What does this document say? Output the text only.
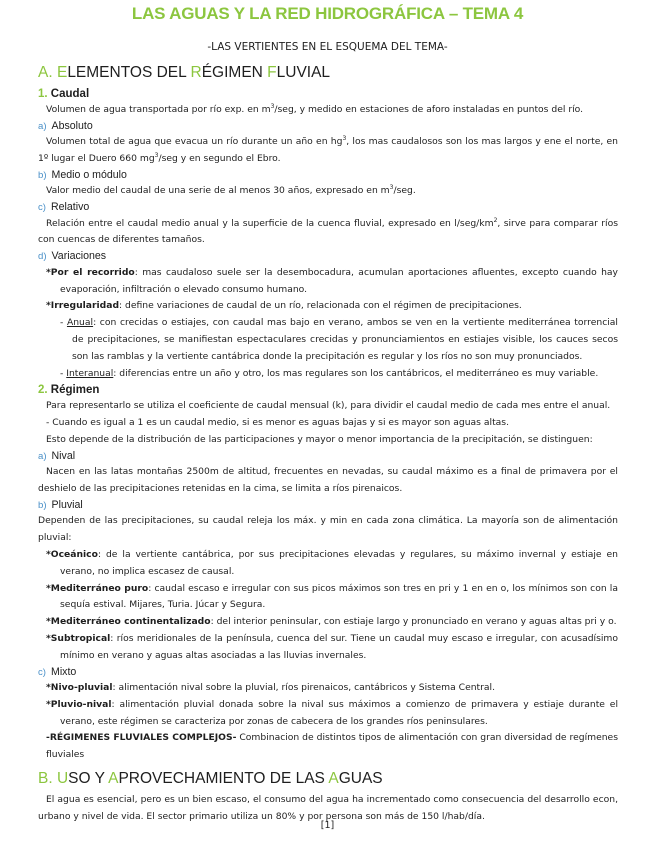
LAS AGUAS Y LA RED HIDROGRÁFICA – TEMA 4
-LAS VERTIENTES EN EL ESQUEMA DEL TEMA-
A. ELEMENTOS DEL RÉGIMEN FLUVIAL
1. Caudal

Volumen de agua transportada por río exp. en $m^3$/seg, y medido en estaciones de aforo instaladas en puntos del río.

a) Absoluto

Volumen total de agua que evacua un río durante un año en $hg^3$, los mas caudalosos son los mas largos y ene el norte, en 1º lugar el Duero 660 $mg^3$/seg y en segundo el Ebro.

b) Medio o módulo

Valor medio del caudal de una serie de al menos 30 años, expresado en $m^3$/seg.

c) Relativo

Relación entre el caudal medio anual y la superficie de la cuenca fluvial, expresado en $l/seg/km^2$, sirve para comparar ríos con cuencas de diferentes tamaños.

d) Variaciones

*Por el recorrido: mas caudaloso suele ser la desembocadura, acumulan aportaciones afluentes, excepto cuando hay evaporación, infiltración o elevado consumo humano.

*Irregularidad: define variaciones de caudal de un río, relacionada con el régimen de precipitaciones.

- Anual: con crecidas o estiajes, con caudal mas bajo en verano, ambos se ven en la vertiente mediterránea torrencial de precipitaciones, se manifiestan espectaculares crecidas y pronunciamientos en estiajes visible, los cauces secos son las ramblas y la vertiente cantábrica donde la precipitación es regular y los ríos no son muy pronunciados.

- Interanual: diferencias entre un año y otro, los mas regulares son los cantábricos, el mediterráneo es muy variable.

2. Régimen

Para representarlo se utiliza el coeficiente de caudal mensual (k), para dividir el caudal medio de cada mes entre el anual.

- Cuando es igual a 1 es un caudal medio, si es menor es aguas bajas y si es mayor son aguas altas.

Esto depende de la distribución de las participaciones y mayor o menor importancia de la precipitación, se distinguen:

a) Nival

Nacen en las latas montañas 2500m de altitud, frecuentes en nevadas, su caudal máximo es a final de primavera por el deshielo de las precipitaciones retenidas en la cima, se limita a ríos pirenaicos.

b) Pluvial

Dependen de las precipitaciones, su caudal releja los máx. y min en cada zona climática. La mayoría son de alimentación pluvial:

*Oceánico: de la vertiente cantábrica, por sus precipitaciones elevadas y regulares, su máximo invernal y estiaje en verano, no implica escasez de causal.

*Mediterráneo puro: caudal escaso e irregular con sus picos máximos son tres en pri y 1 en en o, los mínimos son con la sequía estival. Mijares, Turia. Júcar y Segura.

*Mediterráneo continentalizado: del interior peninsular, con estiaje largo y pronunciado en verano y aguas altas pri y o.

*Subtropical: ríos meridionales de la península, cuenca del sur. Tiene un caudal muy escaso e irregular, con acusadísimo mínimo en verano y aguas altas asociadas a las lluvias invernales.

c) Mixto

*Nivo-pluvial: alimentación nival sobre la pluvial, ríos pirenaicos, cantábricos y Sistema Central.

*Pluvio-nival: alimentación pluvial donada sobre la nival sus máximos a comienzo de primavera y estiaje durante el verano, este régimen se caracteriza por zonas de cabecera de los grandes ríos peninsulares.

-RÉGIMENES FLUVIALES COMPLEJOS- Combinacion de distintos tipos de alimentación con gran diversidad de regímenes fluviales

B. USO Y APROVECHAMIENTO DE LAS AGUAS

El agua es esencial, pero es un bien escaso, el consumo del agua ha incrementado como consecuencia del desarrollo econ, urbano y nivel de vida. El sector primario utiliza un 80% y por persona son más de 150 l/hab/día.

[1]
